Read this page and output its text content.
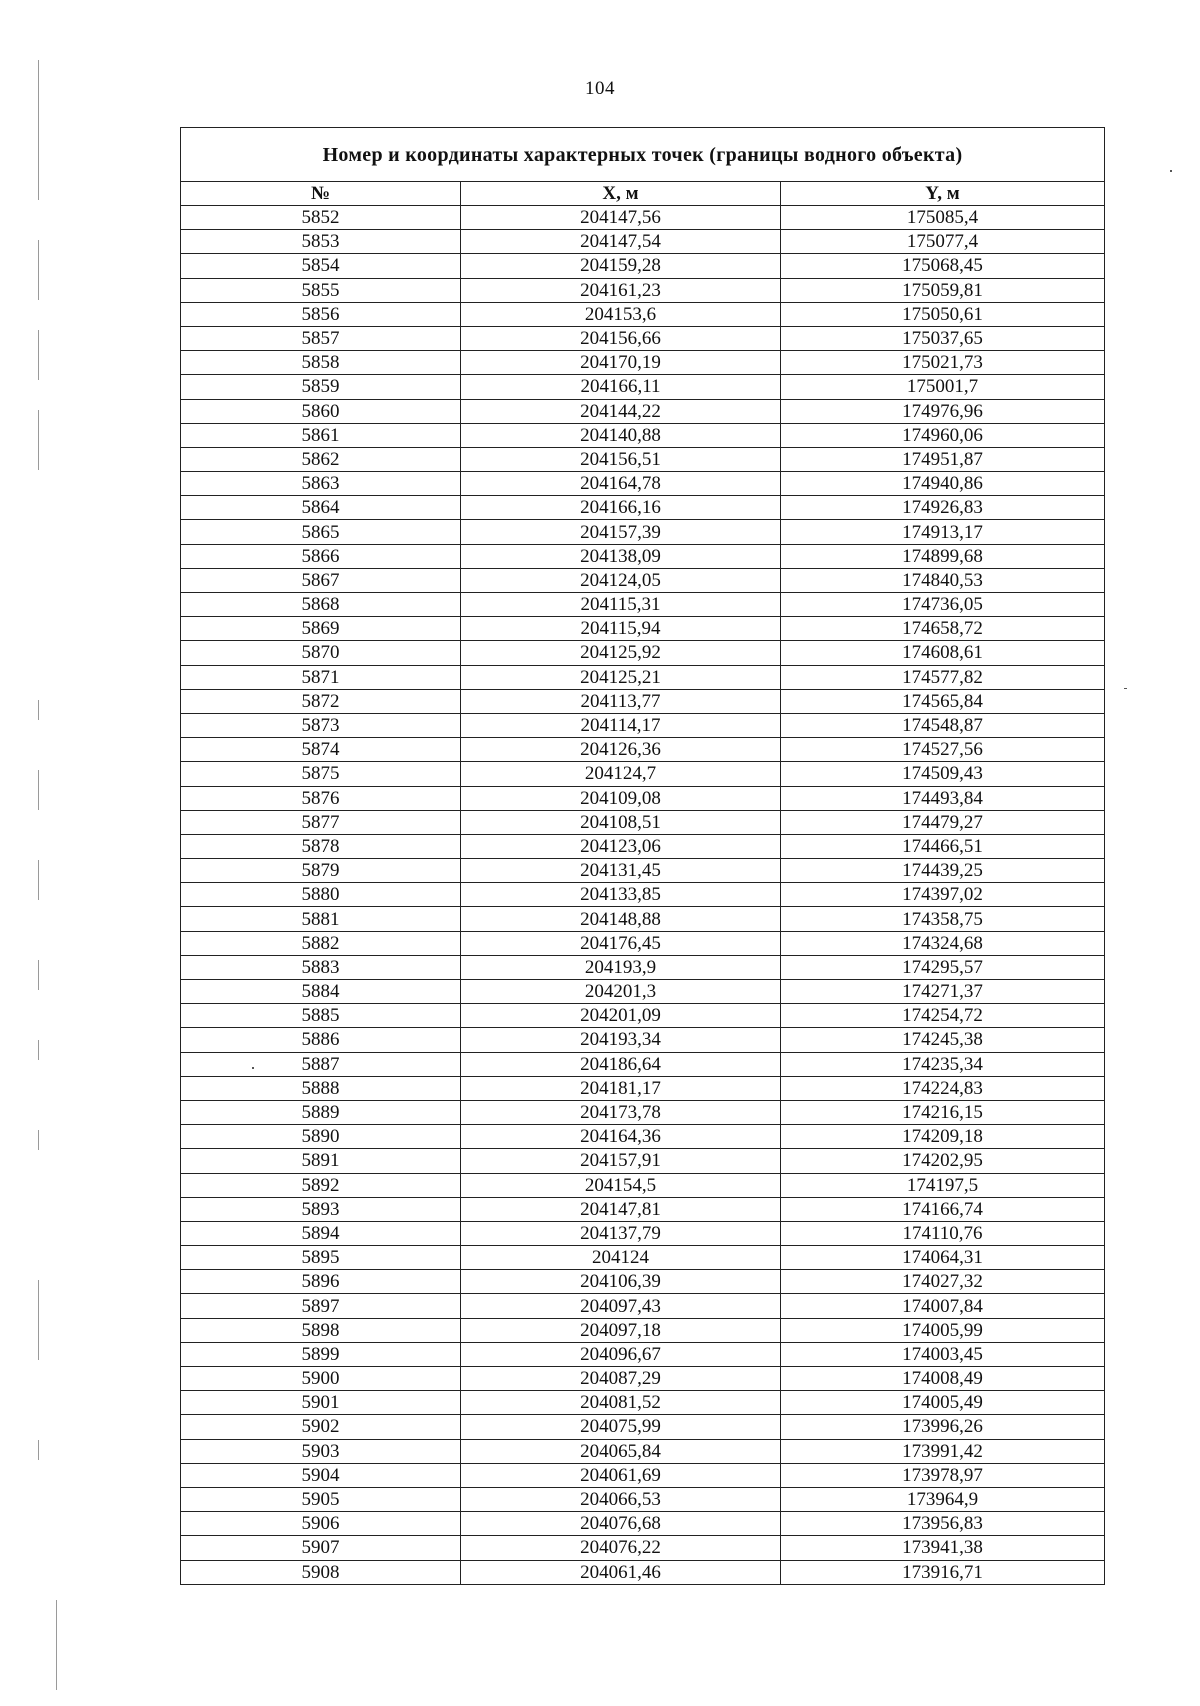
104
Номер и координаты характерных точек (границы водного объекта)		
№	X, м	Y, м
5852	204147,56	175085,4
5853	204147,54	175077,4
5854	204159,28	175068,45
5855	204161,23	175059,81
5856	204153,6	175050,61
5857	204156,66	175037,65
5858	204170,19	175021,73
5859	204166,11	175001,7
5860	204144,22	174976,96
5861	204140,88	174960,06
5862	204156,51	174951,87
5863	204164,78	174940,86
5864	204166,16	174926,83
5865	204157,39	174913,17
5866	204138,09	174899,68
5867	204124,05	174840,53
5868	204115,31	174736,05
5869	204115,94	174658,72
5870	204125,92	174608,61
5871	204125,21	174577,82
5872	204113,77	174565,84
5873	204114,17	174548,87
5874	204126,36	174527,56
5875	204124,7	174509,43
5876	204109,08	174493,84
5877	204108,51	174479,27
5878	204123,06	174466,51
5879	204131,45	174439,25
5880	204133,85	174397,02
5881	204148,88	174358,75
5882	204176,45	174324,68
5883	204193,9	174295,57
5884	204201,3	174271,37
5885	204201,09	174254,72
5886	204193,34	174245,38
5887	204186,64	174235,34
5888	204181,17	174224,83
5889	204173,78	174216,15
5890	204164,36	174209,18
5891	204157,91	174202,95
5892	204154,5	174197,5
5893	204147,81	174166,74
5894	204137,79	174110,76
5895	204124	174064,31
5896	204106,39	174027,32
5897	204097,43	174007,84
5898	204097,18	174005,99
5899	204096,67	174003,45
5900	204087,29	174008,49
5901	204081,52	174005,49
5902	204075,99	173996,26
5903	204065,84	173991,42
5904	204061,69	173978,97
5905	204066,53	173964,9
5906	204076,68	173956,83
5907	204076,22	173941,38
5908	204061,46	173916,71
